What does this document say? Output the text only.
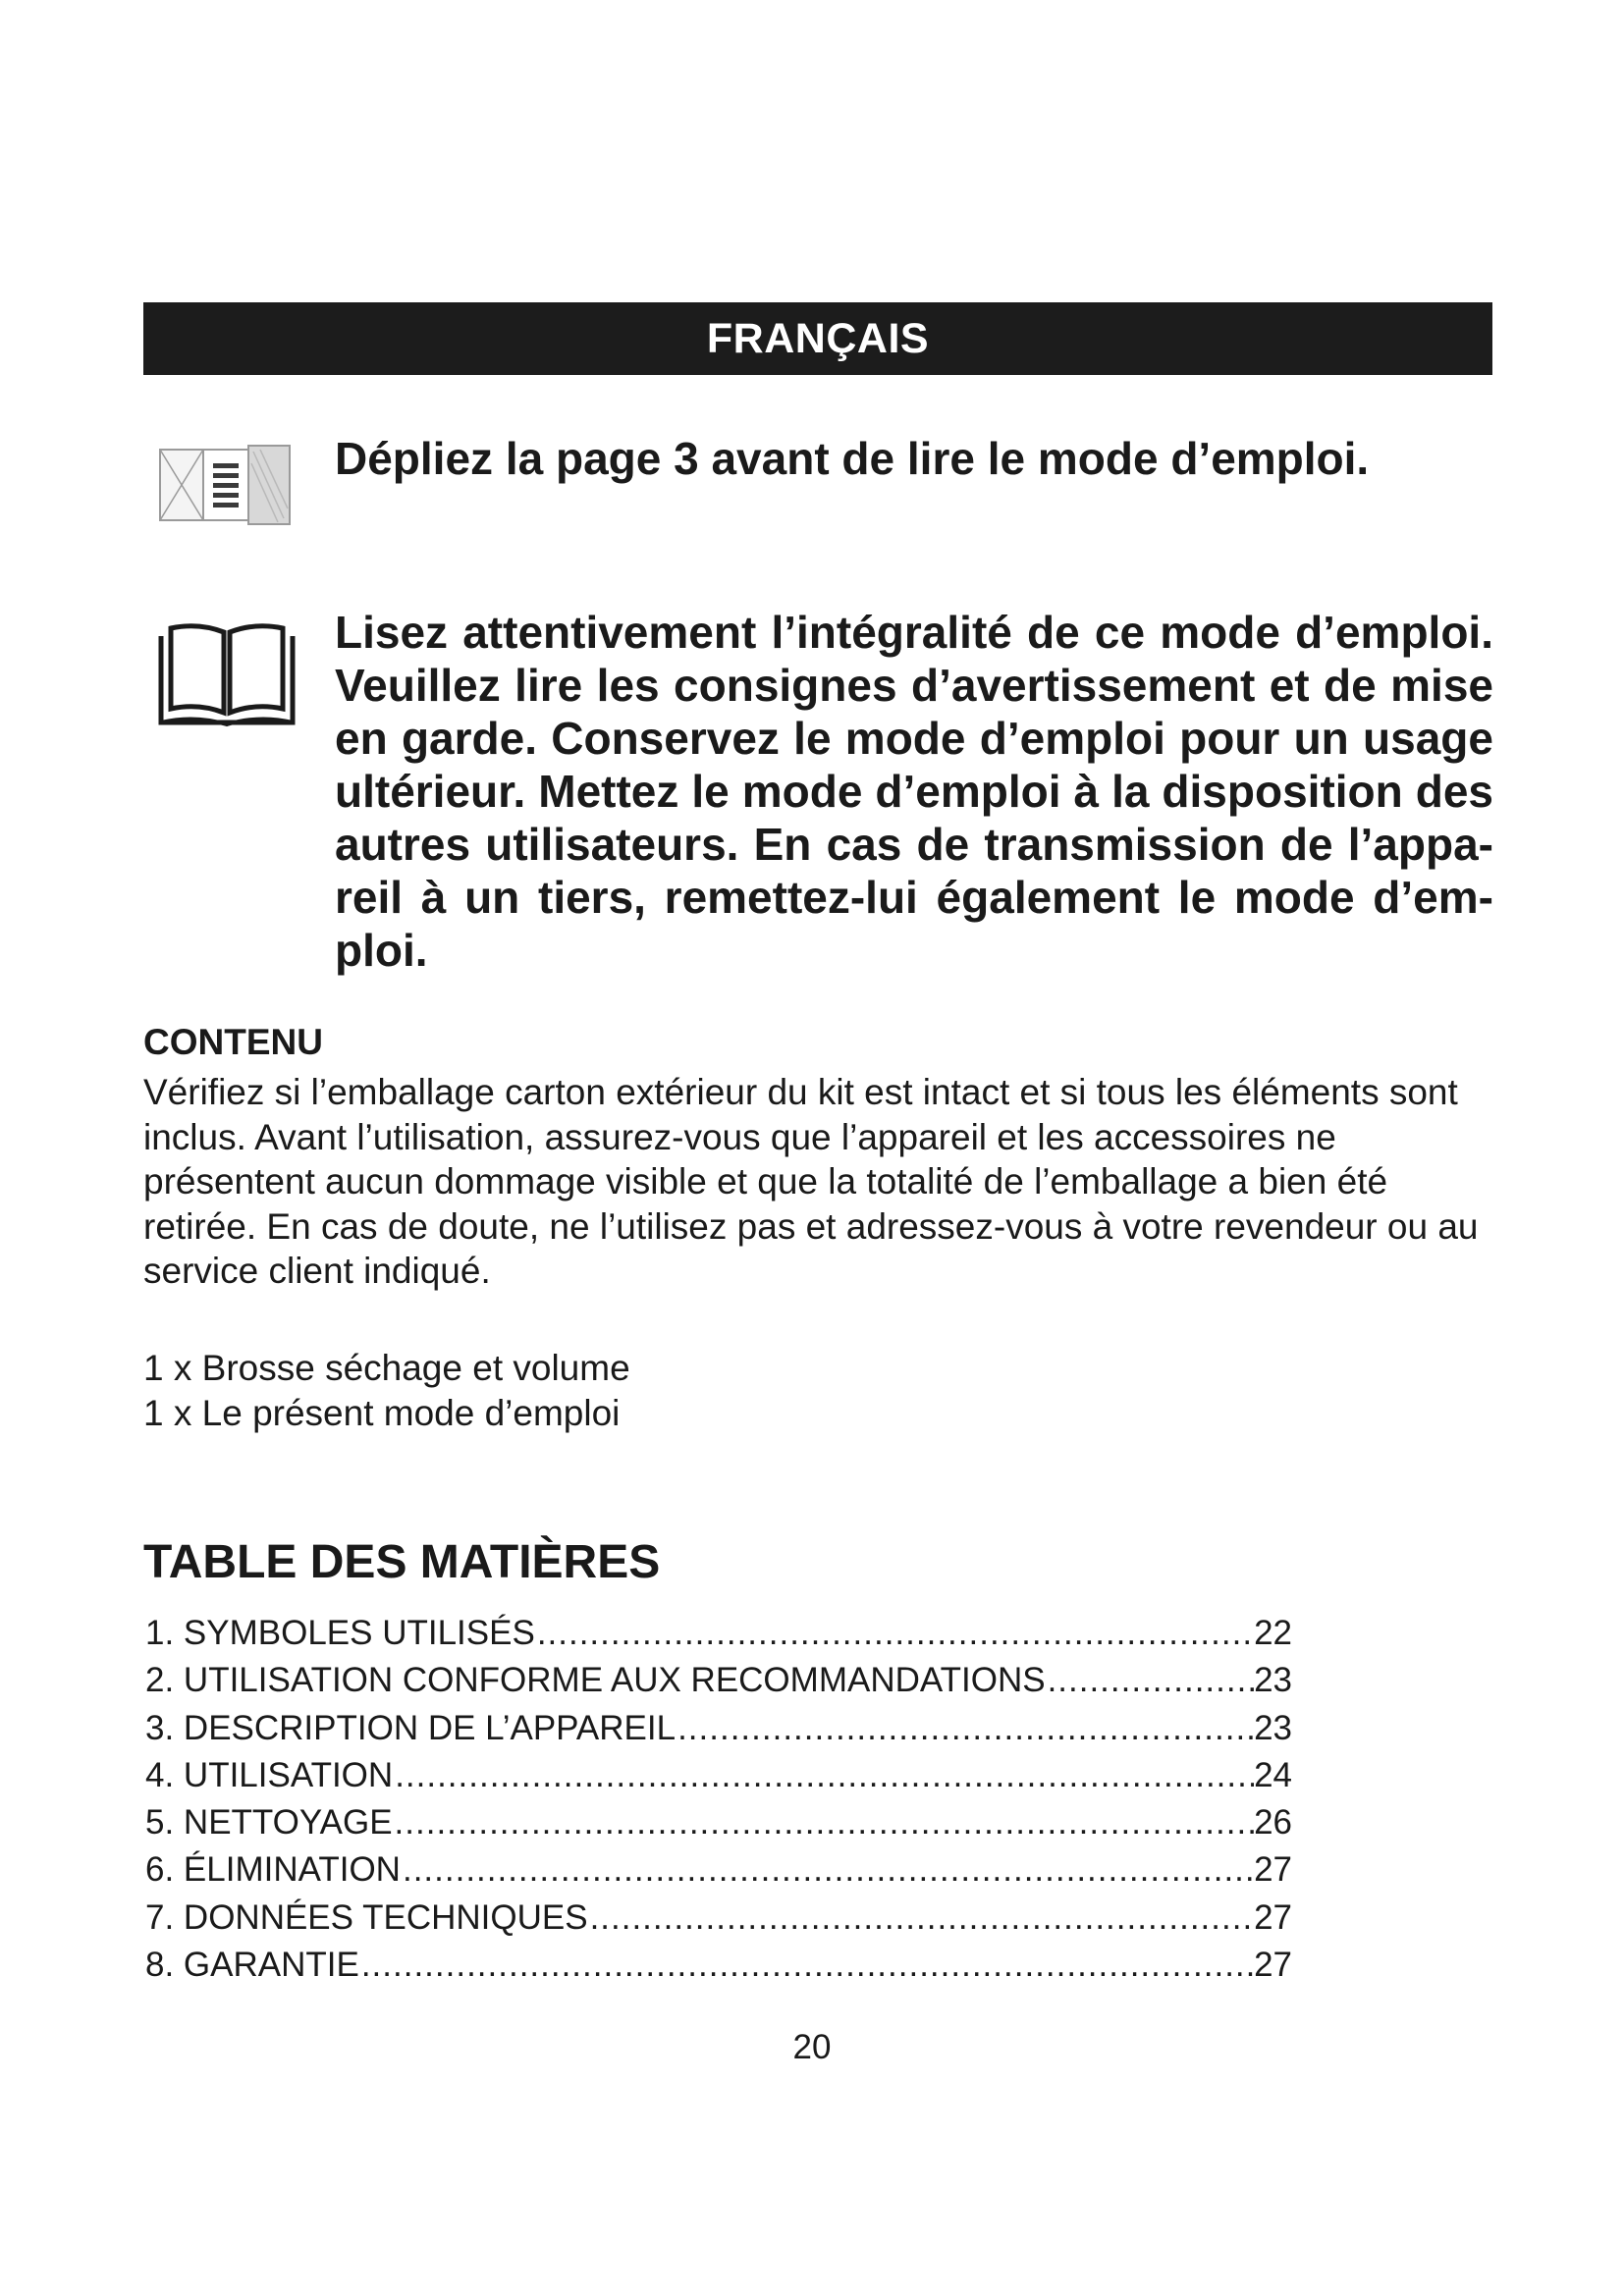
FRANÇAIS
Dépliez la page 3 avant de lire le mode d’emploi.
Lisez attentivement l’intégralité de ce mode d’emploi. Veuillez lire les consignes d’avertissement et de mise en garde. Conservez le mode d’emploi pour un usage ultérieur. Mettez le mode d’emploi à la disposition des autres utilisateurs. En cas de transmission de l’appareil à un tiers, remettez-lui également le mode d’emploi.
CONTENU
Vérifiez si l’emballage carton extérieur du kit est intact et si tous les éléments sont inclus. Avant l’utilisation, assurez-vous que l’appareil et les accessoires ne présentent aucun dommage visible et que la totalité de l’emballage a bien été retirée. En cas de doute, ne l’utilisez pas et adressez-vous à votre revendeur ou au service client indiqué.
1 x Brosse séchage et volume
1 x Le présent mode d’emploi
TABLE DES MATIÈRES
1. SYMBOLES UTILISÉS .....	22
2. UTILISATION CONFORME AUX RECOMMANDATIONS .....	23
3. DESCRIPTION DE L’APPAREIL .....	23
4. UTILISATION .....	24
5. NETTOYAGE .....	26
6. ÉLIMINATION .....	27
7. DONNÉES TECHNIQUES .....	27
8. GARANTIE .....	27
20
